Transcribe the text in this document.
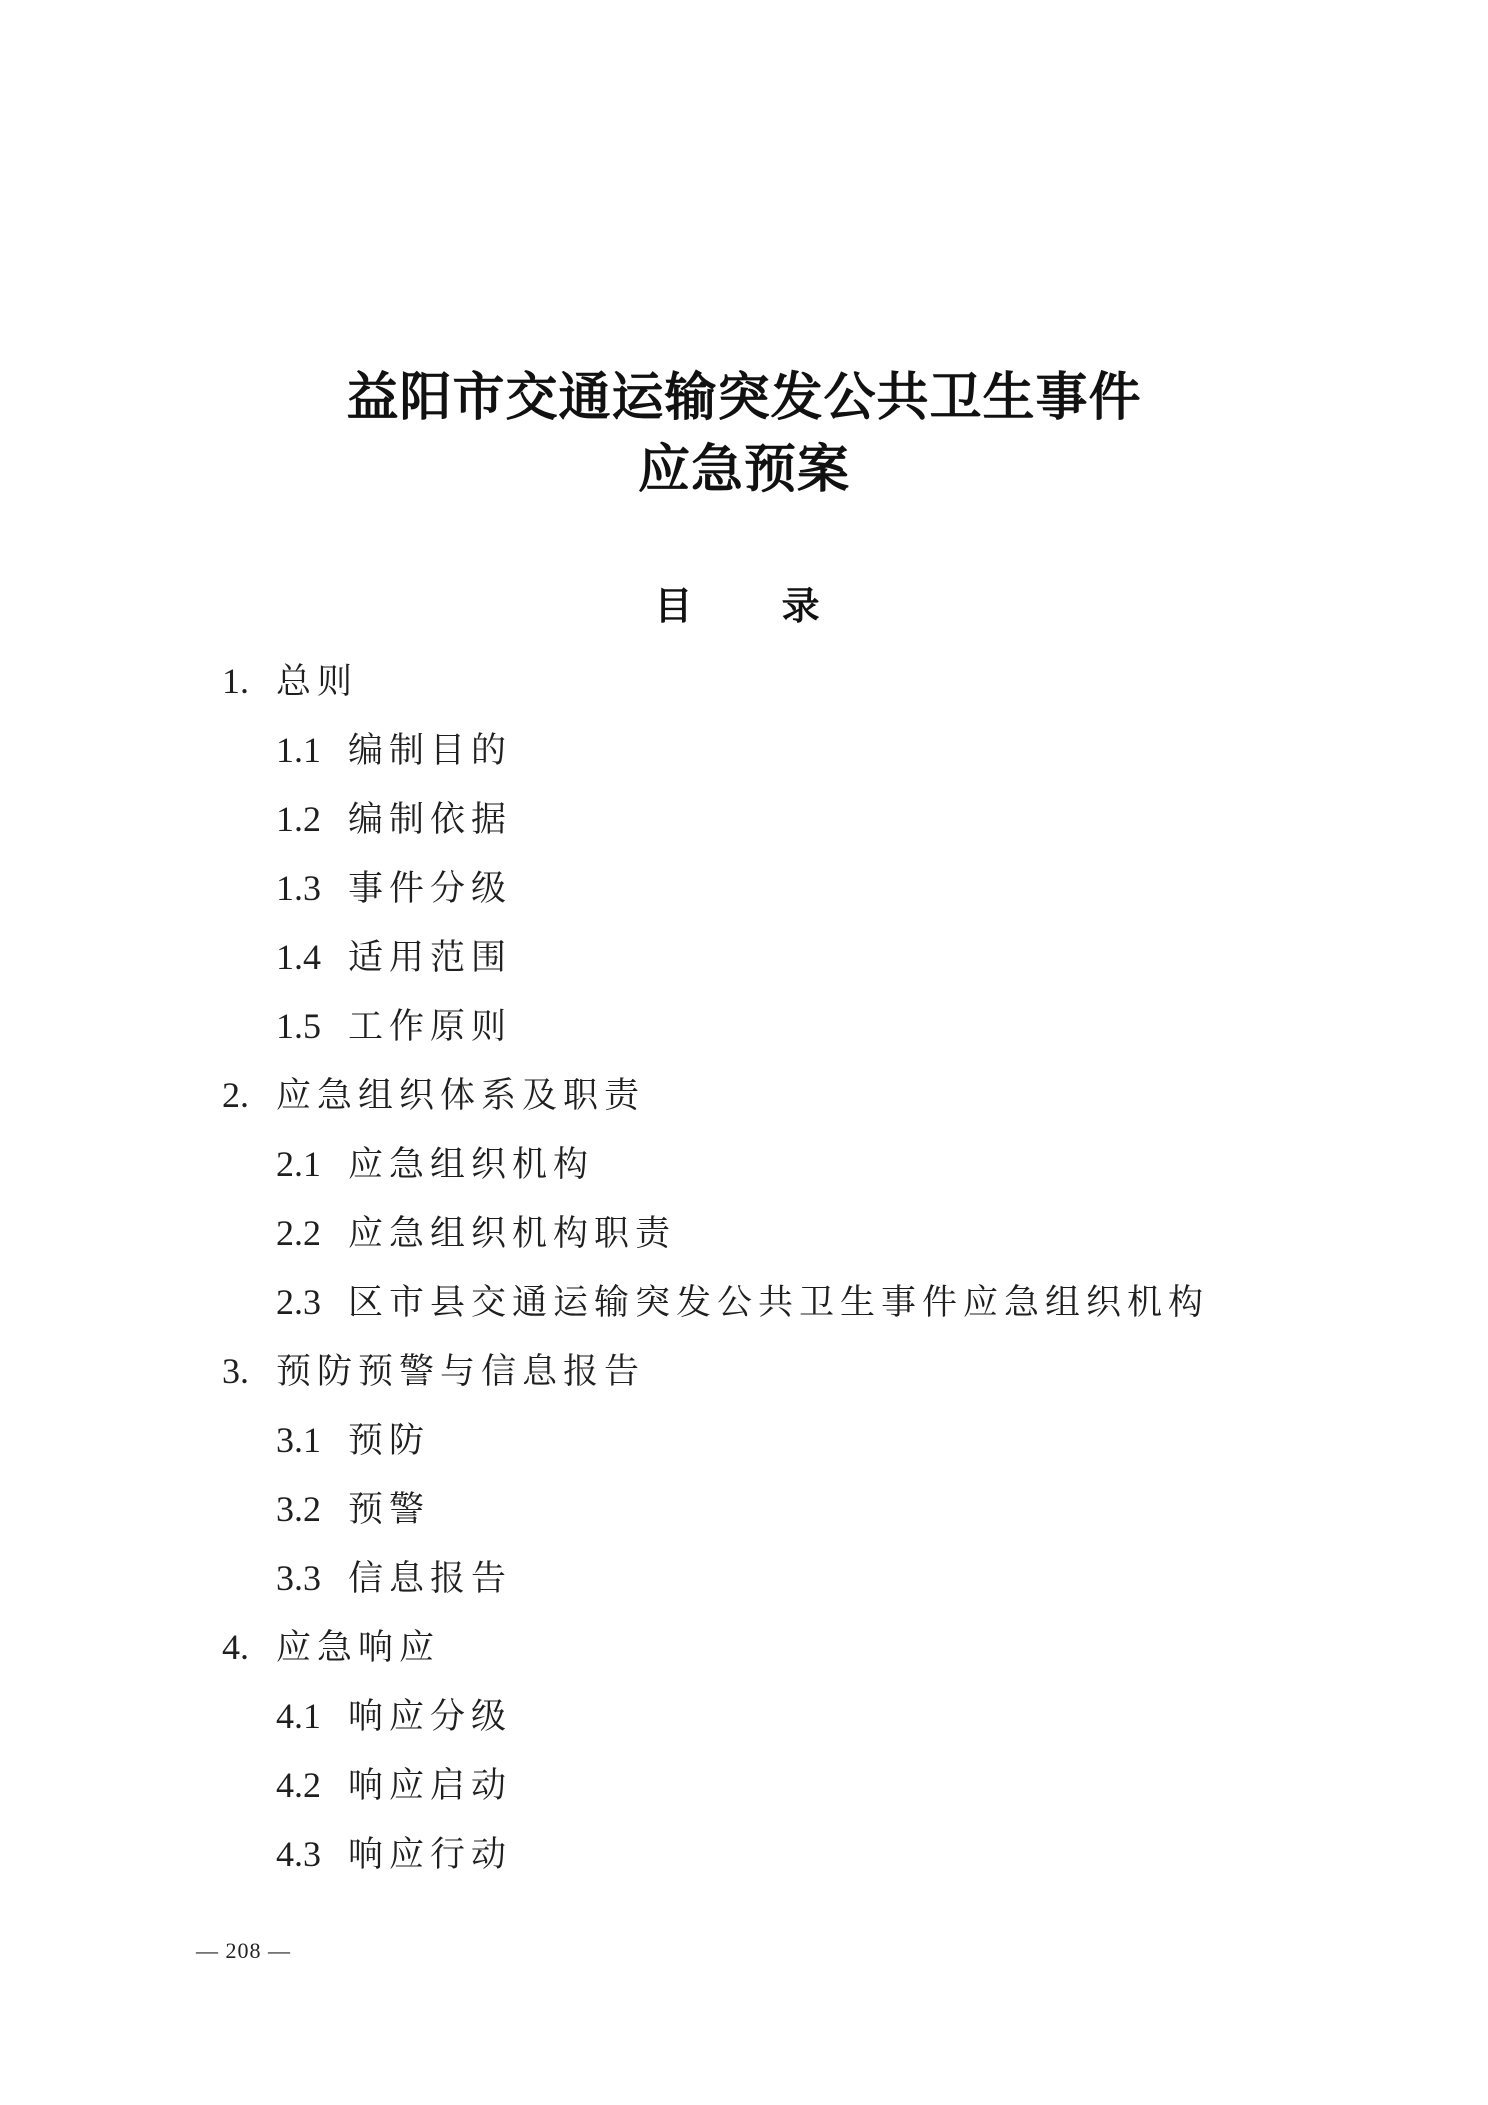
益阳市交通运输突发公共卫生事件
应急预案
目 录
1. 总则
1.1 编制目的
1.2 编制依据
1.3 事件分级
1.4 适用范围
1.5 工作原则
2. 应急组织体系及职责
2.1 应急组织机构
2.2 应急组织机构职责
2.3 区市县交通运输突发公共卫生事件应急组织机构
3. 预防预警与信息报告
3.1 预防
3.2 预警
3.3 信息报告
4. 应急响应
4.1 响应分级
4.2 响应启动
4.3 响应行动
— 208 —
